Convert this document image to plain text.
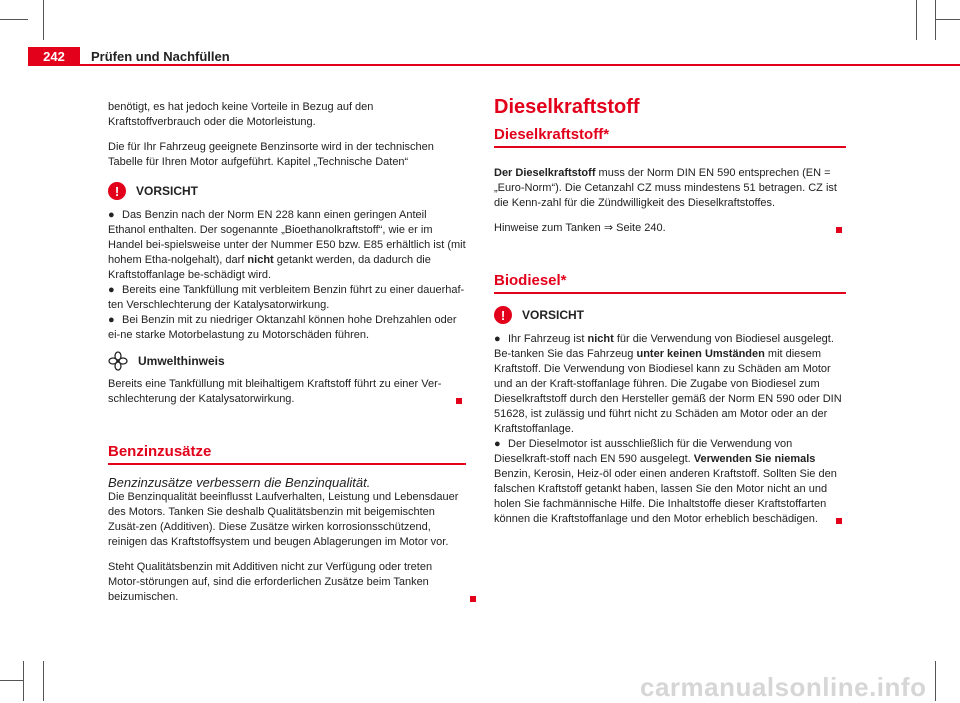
242	Prüfen und Nachfüllen

benötigt, es hat jedoch keine Vorteile in Bezug auf den Kraftstoffverbrauch oder die Motorleistung.

Die für Ihr Fahrzeug geeignete Benzinsorte wird in der technischen Tabelle für Ihren Motor aufgeführt. Kapitel „Technische Daten“

!	VORSICHT

● Das Benzin nach der Norm EN 228 kann einen geringen Anteil Ethanol enthalten. Der sogenannte „Bioethanolkraftstoff“, wie er im Handel bei-spielsweise unter der Nummer E50 bzw. E85 erhältlich ist (mit hohem Etha-nolgehalt), darf nicht getankt werden, da dadurch die Kraftstoffanlage be-schädigt wird.

● Bereits eine Tankfüllung mit verbleitem Benzin führt zu einer dauerhaf-ten Verschlechterung der Katalysatorwirkung.

● Bei Benzin mit zu niedriger Oktanzahl können hohe Drehzahlen oder ei-ne starke Motorbelastung zu Motorschäden führen.

Umwelthinweis

Bereits eine Tankfüllung mit bleihaltigem Kraftstoff führt zu einer Ver-schlechterung der Katalysatorwirkung.

Benzinzusätze

Benzinzusätze verbessern die Benzinqualität.

Die Benzinqualität beeinflusst Laufverhalten, Leistung und Lebensdauer des Motors. Tanken Sie deshalb Qualitätsbenzin mit beigemischten Zusät-zen (Additiven). Diese Zusätze wirken korrosionsschützend, reinigen das Kraftstoffsystem und beugen Ablagerungen im Motor vor.

Steht Qualitätsbenzin mit Additiven nicht zur Verfügung oder treten Motor-störungen auf, sind die erforderlichen Zusätze beim Tanken beizumischen.

Dieselkraftstoff
Dieselkraftstoff*

Der Dieselkraftstoff muss der Norm DIN EN 590 entsprechen (EN = „Euro-Norm“). Die Cetanzahl CZ muss mindestens 51 betragen. CZ ist die Kenn-zahl für die Zündwilligkeit des Dieselkraftstoffes.

Hinweise zum Tanken ⇒ Seite 240.

Biodiesel*
!	VORSICHT

● Ihr Fahrzeug ist nicht für die Verwendung von Biodiesel ausgelegt. Be-tanken Sie das Fahrzeug unter keinen Umständen mit diesem Kraftstoff. Die Verwendung von Biodiesel kann zu Schäden am Motor und an der Kraft-stoffanlage führen. Die Zugabe von Biodiesel zum Dieselkraftstoff durch den Hersteller gemäß der Norm EN 590 oder DIN 51628, ist zulässig und führt nicht zu Schäden am Motor oder an der Kraftstoffanlage.

● Der Dieselmotor ist ausschließlich für die Verwendung von Dieselkraft-stoff nach EN 590 ausgelegt. Verwenden Sie niemals Benzin, Kerosin, Heiz-öl oder einen anderen Kraftstoff. Sollten Sie den falschen Kraftstoff getankt haben, lassen Sie den Motor nicht an und holen Sie fachmännische Hilfe. Die Inhaltstoffe dieser Kraftstoffarten können die Kraftstoffanlage und den Motor erheblich beschädigen.

carmanualsonline.info
